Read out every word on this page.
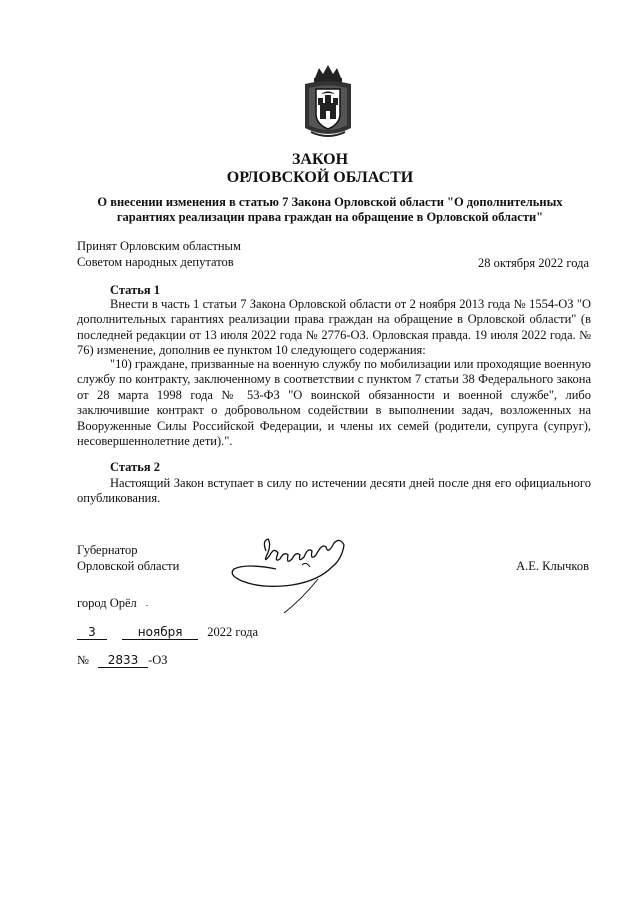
ЗАКОН
ОРЛОВСКОЙ ОБЛАСТИ
О внесении изменения в статью 7 Закона Орловской области "О дополнительных
гарантиях реализации права граждан на обращение в Орловской области"
Принят Орловским областным
Советом народных депутатов	28 октября 2022 года
Статья 1
Внести в часть 1 статьи 7 Закона Орловской области от 2 ноября 2013 года № 1554-ОЗ "О дополнительных гарантиях реализации права граждан на обращение в Орловской области" (в последней редакции от 13 июля 2022 года № 2776-ОЗ. Орловская правда. 19 июля 2022 года. № 76) изменение, дополнив ее пунктом 10 следующего содержания:
"10) граждане, призванные на военную службу по мобилизации или проходящие военную службу по контракту, заключенному в соответствии с пунктом 7 статьи 38 Федерального закона от 28 марта 1998 года № 53-ФЗ "О воинской обязанности и военной службе", либо заключившие контракт о добровольном содействии в выполнении задач, возложенных на Вооруженные Силы Российской Федерации, и члены их семей (родители, супруга (супруг), несовершеннолетние дети).".
Статья 2
Настоящий Закон вступает в силу по истечении десяти дней после дня его официального опубликования.
Губернатор
Орловской области	А.Е. Клычков
город Орёл .
3	ноября 2022 года
№ 2833 -ОЗ
